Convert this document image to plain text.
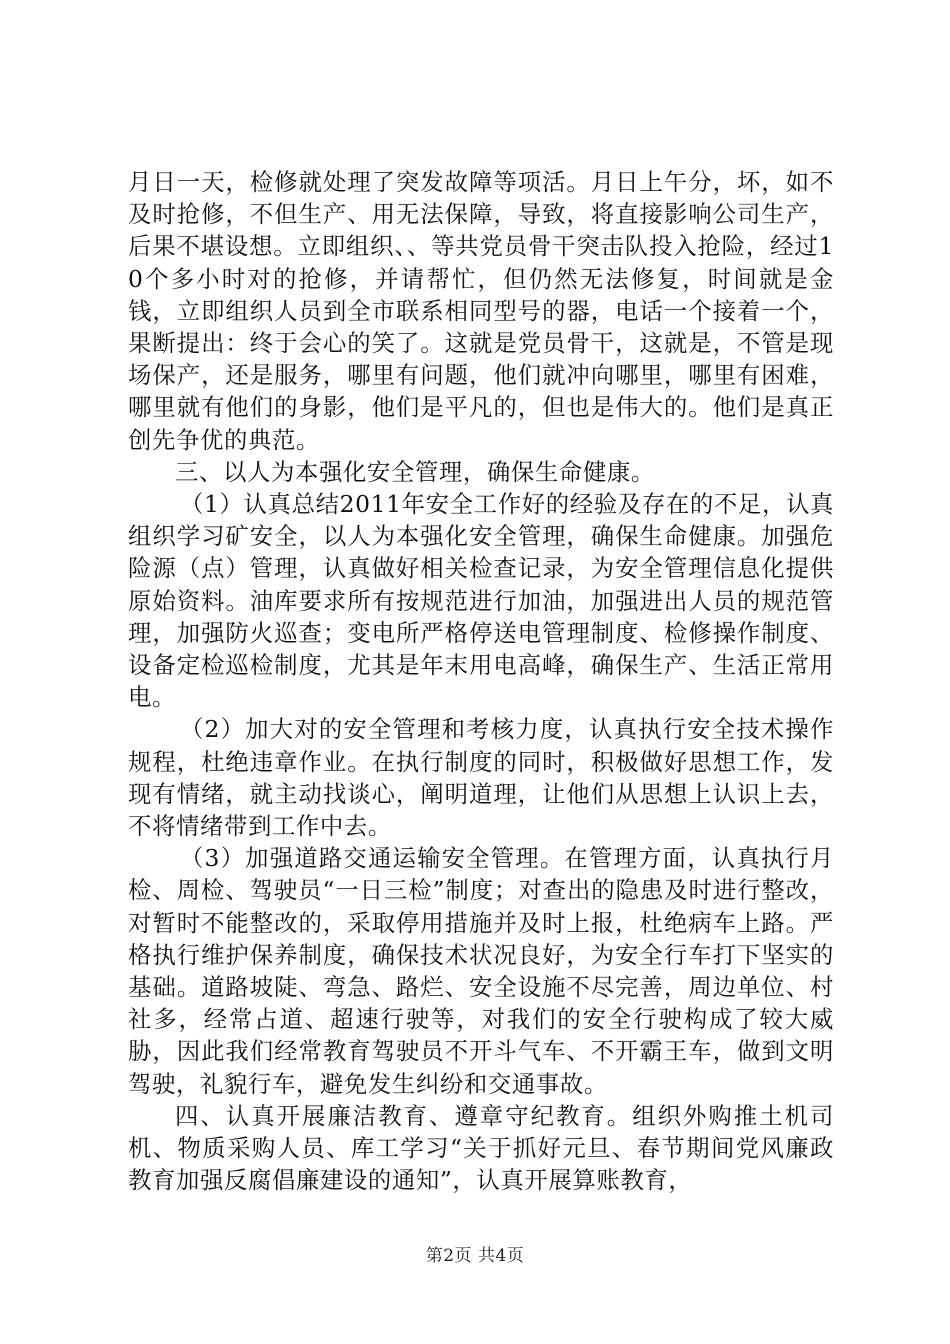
月日一天，检修就处理了突发故障等项活。月日上午分，坏，如不及时抢修，不但生产、用无法保障，导致，将直接影响公司生产，后果不堪设想。立即组织、、等共党员骨干突击队投入抢险，经过10个多小时对的抢修，并请帮忙，但仍然无法修复，时间就是金钱，立即组织人员到全市联系相同型号的器，电话一个接着一个，果断提出：终于会心的笑了。这就是党员骨干，这就是，不管是现场保产，还是服务，哪里有问题，他们就冲向哪里，哪里有困难，哪里就有他们的身影，他们是平凡的，但也是伟大的。他们是真正创先争优的典范。

三、以人为本强化安全管理，确保生命健康。

（1）认真总结2011年安全工作好的经验及存在的不足，认真组织学习矿安全，以人为本强化安全管理，确保生命健康。加强危险源（点）管理，认真做好相关检查记录，为安全管理信息化提供原始资料。油库要求所有按规范进行加油，加强进出人员的规范管理，加强防火巡查；变电所严格停送电管理制度、检修操作制度、设备定检巡检制度，尤其是年末用电高峰，确保生产、生活正常用电。

（2）加大对的安全管理和考核力度，认真执行安全技术操作规程，杜绝违章作业。在执行制度的同时，积极做好思想工作，发现有情绪，就主动找谈心，阐明道理，让他们从思想上认识上去，不将情绪带到工作中去。

（3）加强道路交通运输安全管理。在管理方面，认真执行月检、周检、驾驶员“一日三检”制度；对查出的隐患及时进行整改，对暂时不能整改的，采取停用措施并及时上报，杜绝病车上路。严格执行维护保养制度，确保技术状况良好，为安全行车打下坚实的基础。道路坡陡、弯急、路烂、安全设施不尽完善，周边单位、村社多，经常占道、超速行驶等，对我们的安全行驶构成了较大威胁，因此我们经常教育驾驶员不开斗气车、不开霸王车，做到文明驾驶，礼貌行车，避免发生纠纷和交通事故。

四、认真开展廉洁教育、遵章守纪教育。组织外购推土机司机、物质采购人员、库工学习“关于抓好元旦、春节期间党风廉政教育加强反腐倡廉建设的通知”，认真开展算账教育，

第2页 共4页
